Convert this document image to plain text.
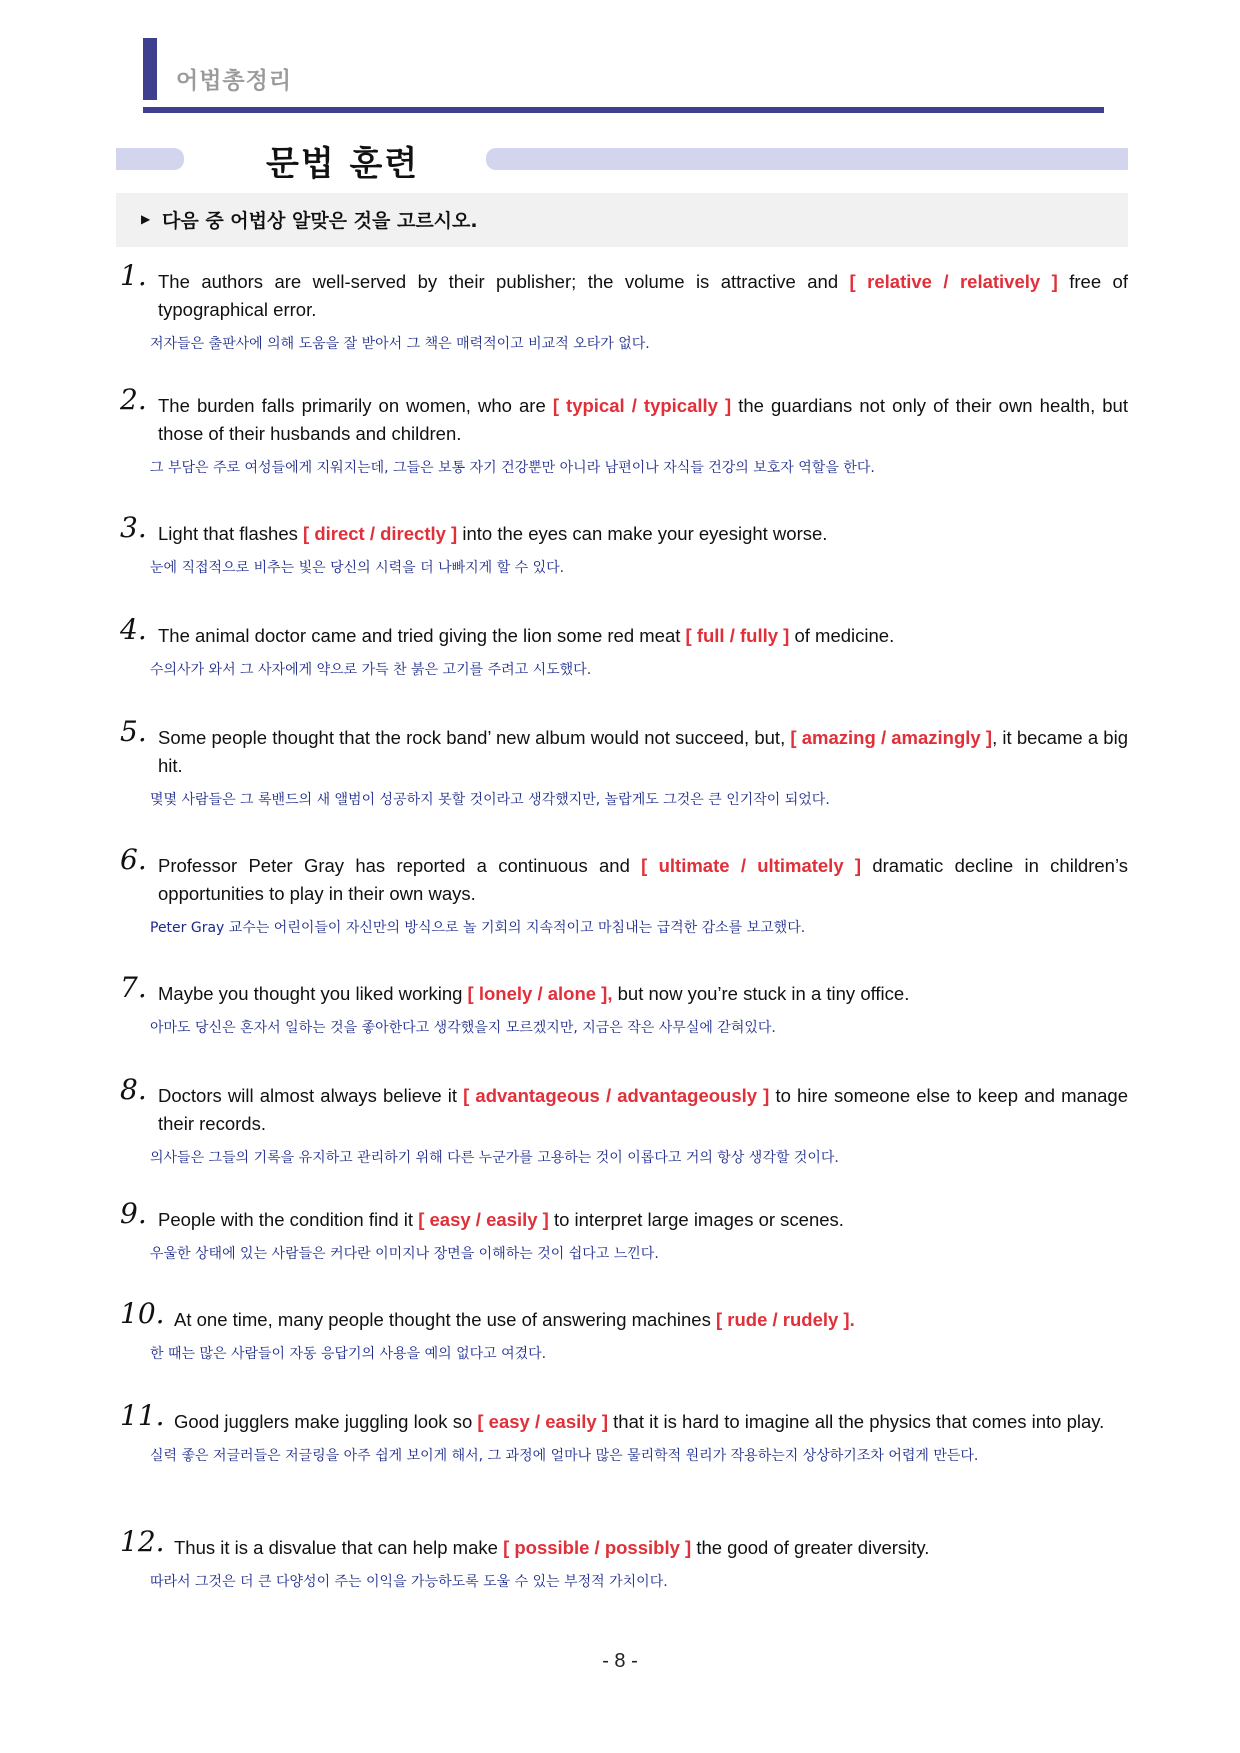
어법총정리
문법 훈련
▶ 다음 중 어법상 알맞은 것을 고르시오.
1. The authors are well-served by their publisher; the volume is attractive and [ relative / relatively ] free of typographical error.
저자들은 출판사에 의해 도움을 잘 받아서 그 책은 매력적이고 비교적 오타가 없다.
2. The burden falls primarily on women, who are [ typical / typically ] the guardians not only of their own health, but those of their husbands and children.
그 부담은 주로 여성들에게 지워지는데, 그들은 보통 자기 건강뿐만 아니라 남편이나 자식들 건강의 보호자 역할을 한다.
3. Light that flashes [ direct / directly ] into the eyes can make your eyesight worse.
눈에 직접적으로 비추는 빛은 당신의 시력을 더 나빠지게 할 수 있다.
4. The animal doctor came and tried giving the lion some red meat [ full / fully ] of medicine.
수의사가 와서 그 사자에게 약으로 가득 찬 붉은 고기를 주려고 시도했다.
5. Some people thought that the rock band’ new album would not succeed, but, [ amazing / amazingly ], it became a big hit.
몇몇 사람들은 그 록밴드의 새 앨범이 성공하지 못할 것이라고 생각했지만, 놀랍게도 그것은 큰 인기작이 되었다.
6. Professor Peter Gray has reported a continuous and [ ultimate / ultimately ] dramatic decline in children’s opportunities to play in their own ways.
Peter Gray 교수는 어린이들이 자신만의 방식으로 놀 기회의 지속적이고 마침내는 급격한 감소를 보고했다.
7. Maybe you thought you liked working [ lonely / alone ], but now you’re stuck in a tiny office.
아마도 당신은 혼자서 일하는 것을 좋아한다고 생각했을지 모르겠지만, 지금은 작은 사무실에 갇혀있다.
8. Doctors will almost always believe it [ advantageous / advantageously ] to hire someone else to keep and manage their records.
의사들은 그들의 기록을 유지하고 관리하기 위해 다른 누군가를 고용하는 것이 이롭다고 거의 항상 생각할 것이다.
9. People with the condition find it [ easy / easily ] to interpret large images or scenes.
우울한 상태에 있는 사람들은 커다란 이미지나 장면을 이해하는 것이 쉽다고 느낀다.
10. At one time, many people thought the use of answering machines [ rude / rudely ].
한 때는 많은 사람들이 자동 응답기의 사용을 예의 없다고 여겼다.
11. Good jugglers make juggling look so [ easy / easily ] that it is hard to imagine all the physics that comes into play.
실력 좋은 저글러들은 저글링을 아주 쉽게 보이게 해서, 그 과정에 얼마나 많은 물리학적 원리가 작용하는지 상상하기조차 어렵게 만든다.
12. Thus it is a disvalue that can help make [ possible / possibly ] the good of greater diversity.
따라서 그것은 더 큰 다양성이 주는 이익을 가능하도록 도울 수 있는 부정적 가치이다.
- 8 -
